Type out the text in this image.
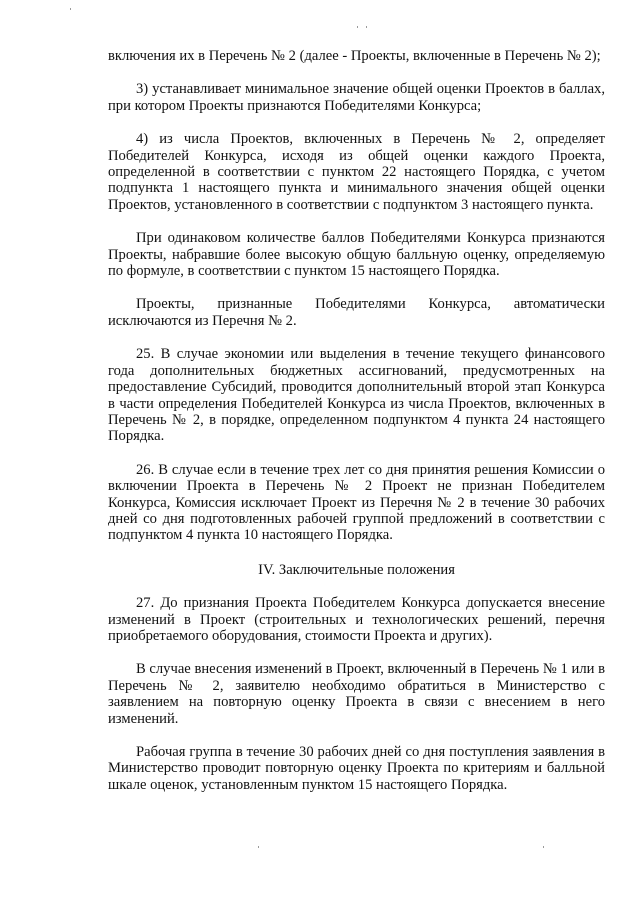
включения их в Перечень № 2 (далее - Проекты, включенные в Перечень № 2);

3) устанавливает минимальное значение общей оценки Проектов в баллах, при котором Проекты признаются Победителями Конкурса;

4) из числа Проектов, включенных в Перечень № 2, определяет Победителей Конкурса, исходя из общей оценки каждого Проекта, определенной в соответствии с пунктом 22 настоящего Порядка, с учетом подпункта 1 настоящего пункта и минимального значения общей оценки Проектов, установленного в соответствии с подпунктом 3 настоящего пункта.

При одинаковом количестве баллов Победителями Конкурса признаются Проекты, набравшие более высокую общую балльную оценку, определяемую по формуле, в соответствии с пунктом 15 настоящего Порядка.

Проекты, признанные Победителями Конкурса, автоматически исключаются из Перечня № 2.

25. В случае экономии или выделения в течение текущего финансового года дополнительных бюджетных ассигнований, предусмотренных на предоставление Субсидий, проводится дополнительный второй этап Конкурса в части определения Победителей Конкурса из числа Проектов, включенных в Перечень № 2, в порядке, определенном подпунктом 4 пункта 24 настоящего Порядка.

26. В случае если в течение трех лет со дня принятия решения Комиссии о включении Проекта в Перечень № 2 Проект не признан Победителем Конкурса, Комиссия исключает Проект из Перечня № 2 в течение 30 рабочих дней со дня подготовленных рабочей группой предложений в соответствии с подпунктом 4 пункта 10 настоящего Порядка.

IV. Заключительные положения

27. До признания Проекта Победителем Конкурса допускается внесение изменений в Проект (строительных и технологических решений, перечня приобретаемого оборудования, стоимости Проекта и других).

В случае внесения изменений в Проект, включенный в Перечень № 1 или в Перечень № 2, заявителю необходимо обратиться в Министерство с заявлением на повторную оценку Проекта в связи с внесением в него изменений.

Рабочая группа в течение 30 рабочих дней со дня поступления заявления в Министерство проводит повторную оценку Проекта по критериям и балльной шкале оценок, установленным пунктом 15 настоящего Порядка.
